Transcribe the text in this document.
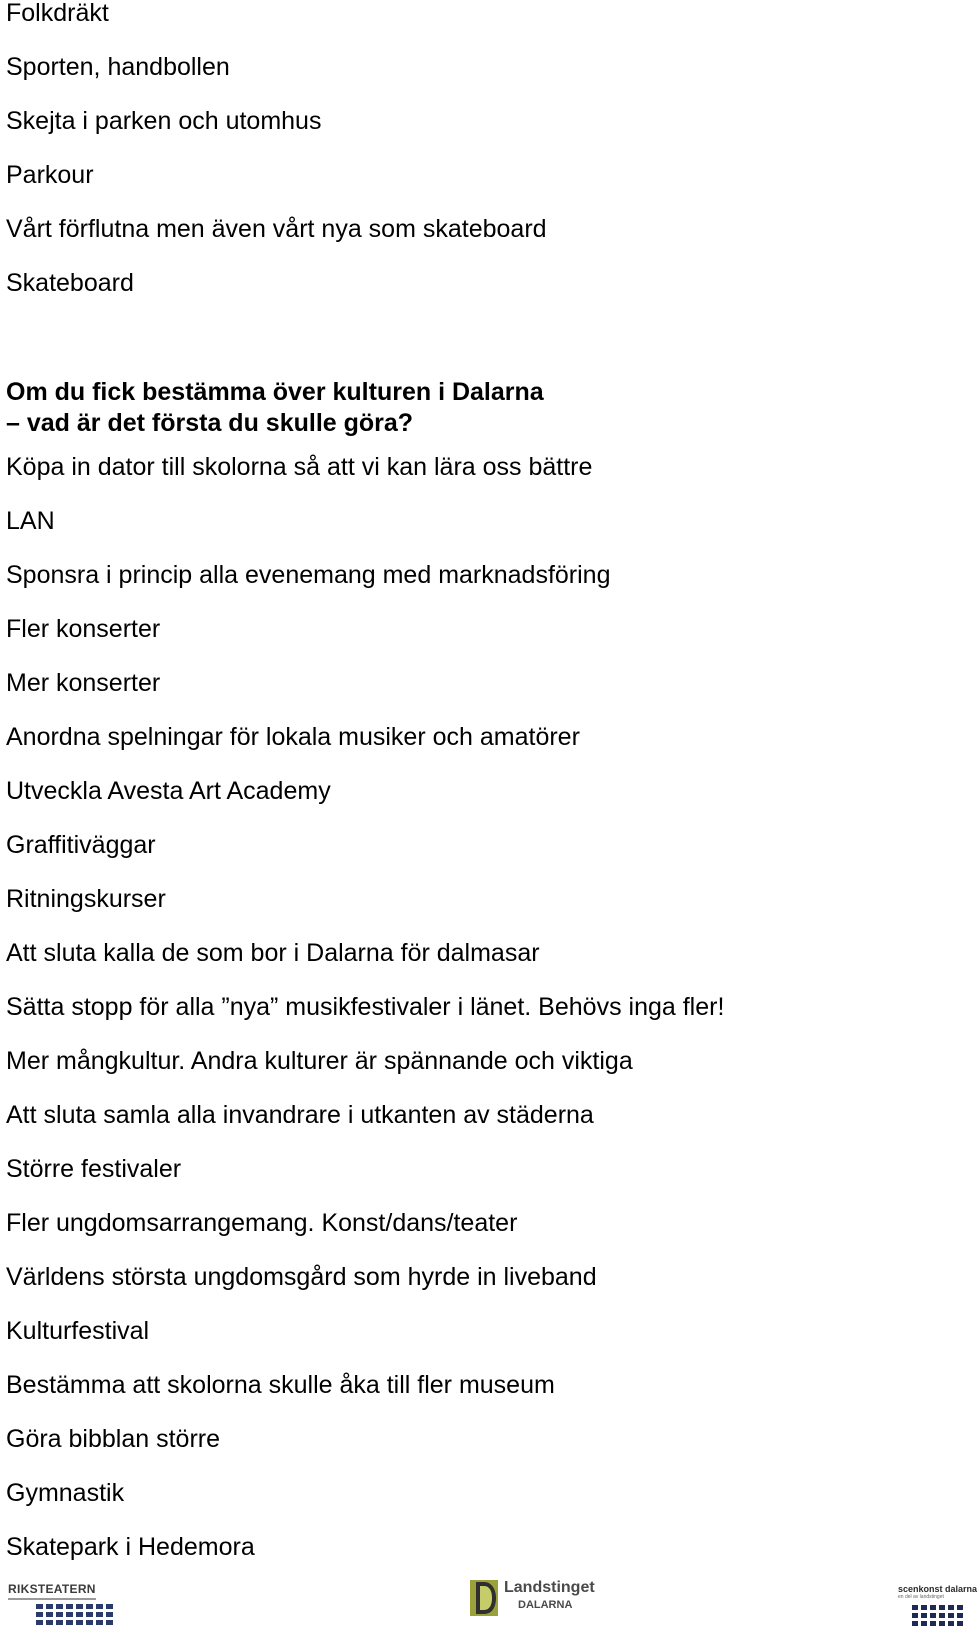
Folkdräkt
Sporten, handbollen
Skejta i parken och utomhus
Parkour
Vårt förflutna men även vårt nya som skateboard
Skateboard
Om du fick bestämma över kulturen i Dalarna
– vad är det första du skulle göra?
Köpa in dator till skolorna så att vi kan lära oss bättre
LAN
Sponsra i princip alla evenemang med marknadsföring
Fler konserter
Mer konserter
Anordna spelningar för lokala musiker och amatörer
Utveckla Avesta Art Academy
Graffitiväggar
Ritningskurser
Att sluta kalla de som bor i Dalarna för dalmasar
Sätta stopp för alla ”nya” musikfestivaler i länet. Behövs inga fler!
Mer mångkultur. Andra kulturer är spännande och viktiga
Att sluta samla alla invandrare i utkanten av städerna
Större festivaler
Fler ungdomsarrangemang. Konst/dans/teater
Världens största ungdomsgård som hyrde in liveband
Kulturfestival
Bestämma att skolorna skulle åka till fler museum
Göra bibblan större
Gymnastik
Skatepark i Hedemora
RIKSTEATERN	Landstinget
DALARNA
scenkonst dalarna
en del av landstinget
